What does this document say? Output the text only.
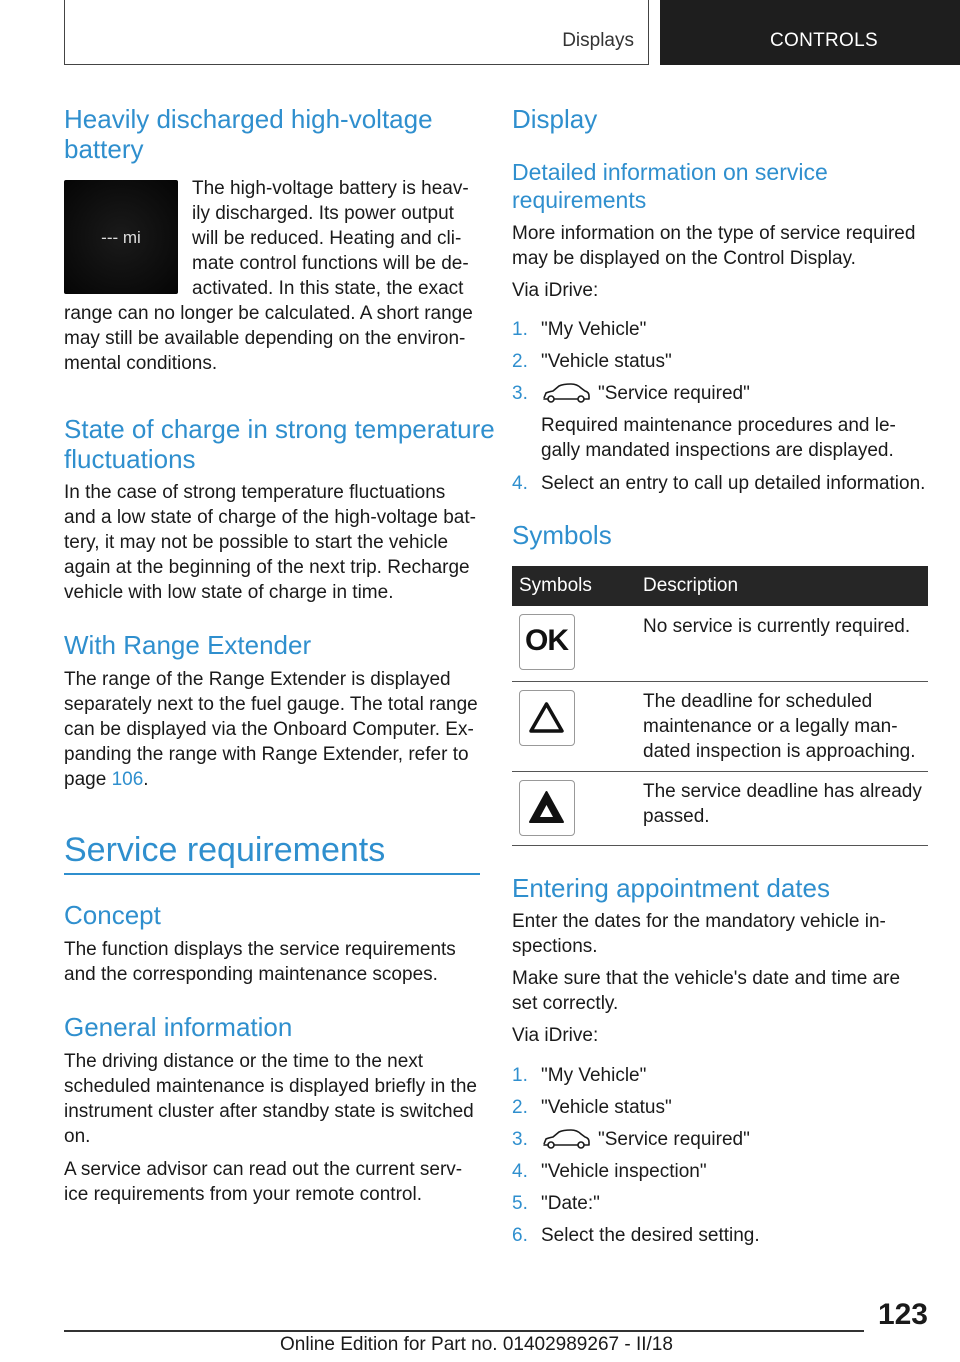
Displays	CONTROLS
Heavily discharged high-voltage
battery
--- mi
The high-voltage battery is heav-
ily discharged. Its power output
will be reduced. Heating and cli-
mate control functions will be de-
activated. In this state, the exact
range can no longer be calculated. A short range
may still be available depending on the environ-
mental conditions.
State of charge in strong temperature
fluctuations
In the case of strong temperature fluctuations
and a low state of charge of the high-voltage bat-
tery, it may not be possible to start the vehicle
again at the beginning of the next trip. Recharge
vehicle with low state of charge in time.
With Range Extender
The range of the Range Extender is displayed
separately next to the fuel gauge. The total range
can be displayed via the Onboard Computer. Ex-
panding the range with Range Extender, refer to
page 106.
Service requirements
Concept
The function displays the service requirements
and the corresponding maintenance scopes.
General information
The driving distance or the time to the next
scheduled maintenance is displayed briefly in the
instrument cluster after standby state is switched
on.
A service advisor can read out the current serv-
ice requirements from your remote control.
Display
Detailed information on service
requirements
More information on the type of service required
may be displayed on the Control Display.
Via iDrive:
1. "My Vehicle"
2. "Vehicle status"
3.	"Service required"
Required maintenance procedures and le-
gally mandated inspections are displayed.
4. Select an entry to call up detailed information.
Symbols
Symbols	Description
OK	No service is currently required.
The deadline for scheduled
maintenance or a legally man-
dated inspection is approaching.
The service deadline has already
passed.
Entering appointment dates
Enter the dates for the mandatory vehicle in-
spections.
Make sure that the vehicle's date and time are
set correctly.
Via iDrive:
1. "My Vehicle"
2. "Vehicle status"
3.	"Service required"
4. "Vehicle inspection"
5. "Date:"
6. Select the desired setting.
123
Online Edition for Part no. 01402989267 - II/18
